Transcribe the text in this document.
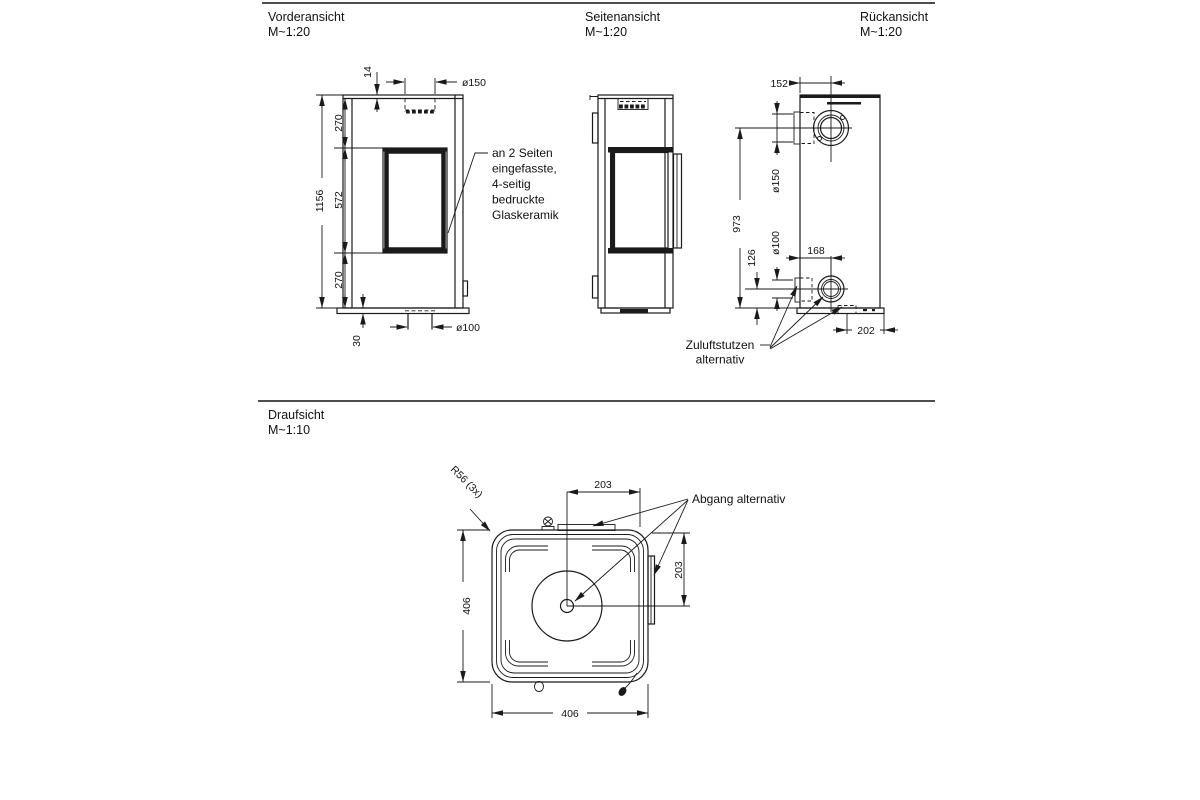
Vorderansicht
M~1:20
ø150
14
270
572
270
1156
30
ø100
an 2 Seiten
eingefasste,
4-seitig
bedruckte
Glaskeramik
Seitenansicht
M~1:20
Rückansicht
M~1:20
152
973
ø150
ø100
126	168
202
Zuluftstutzen
alternativ
Draufsicht
M~1:10
203
203
406
406
R56 (3x)	Abgang alternativ
